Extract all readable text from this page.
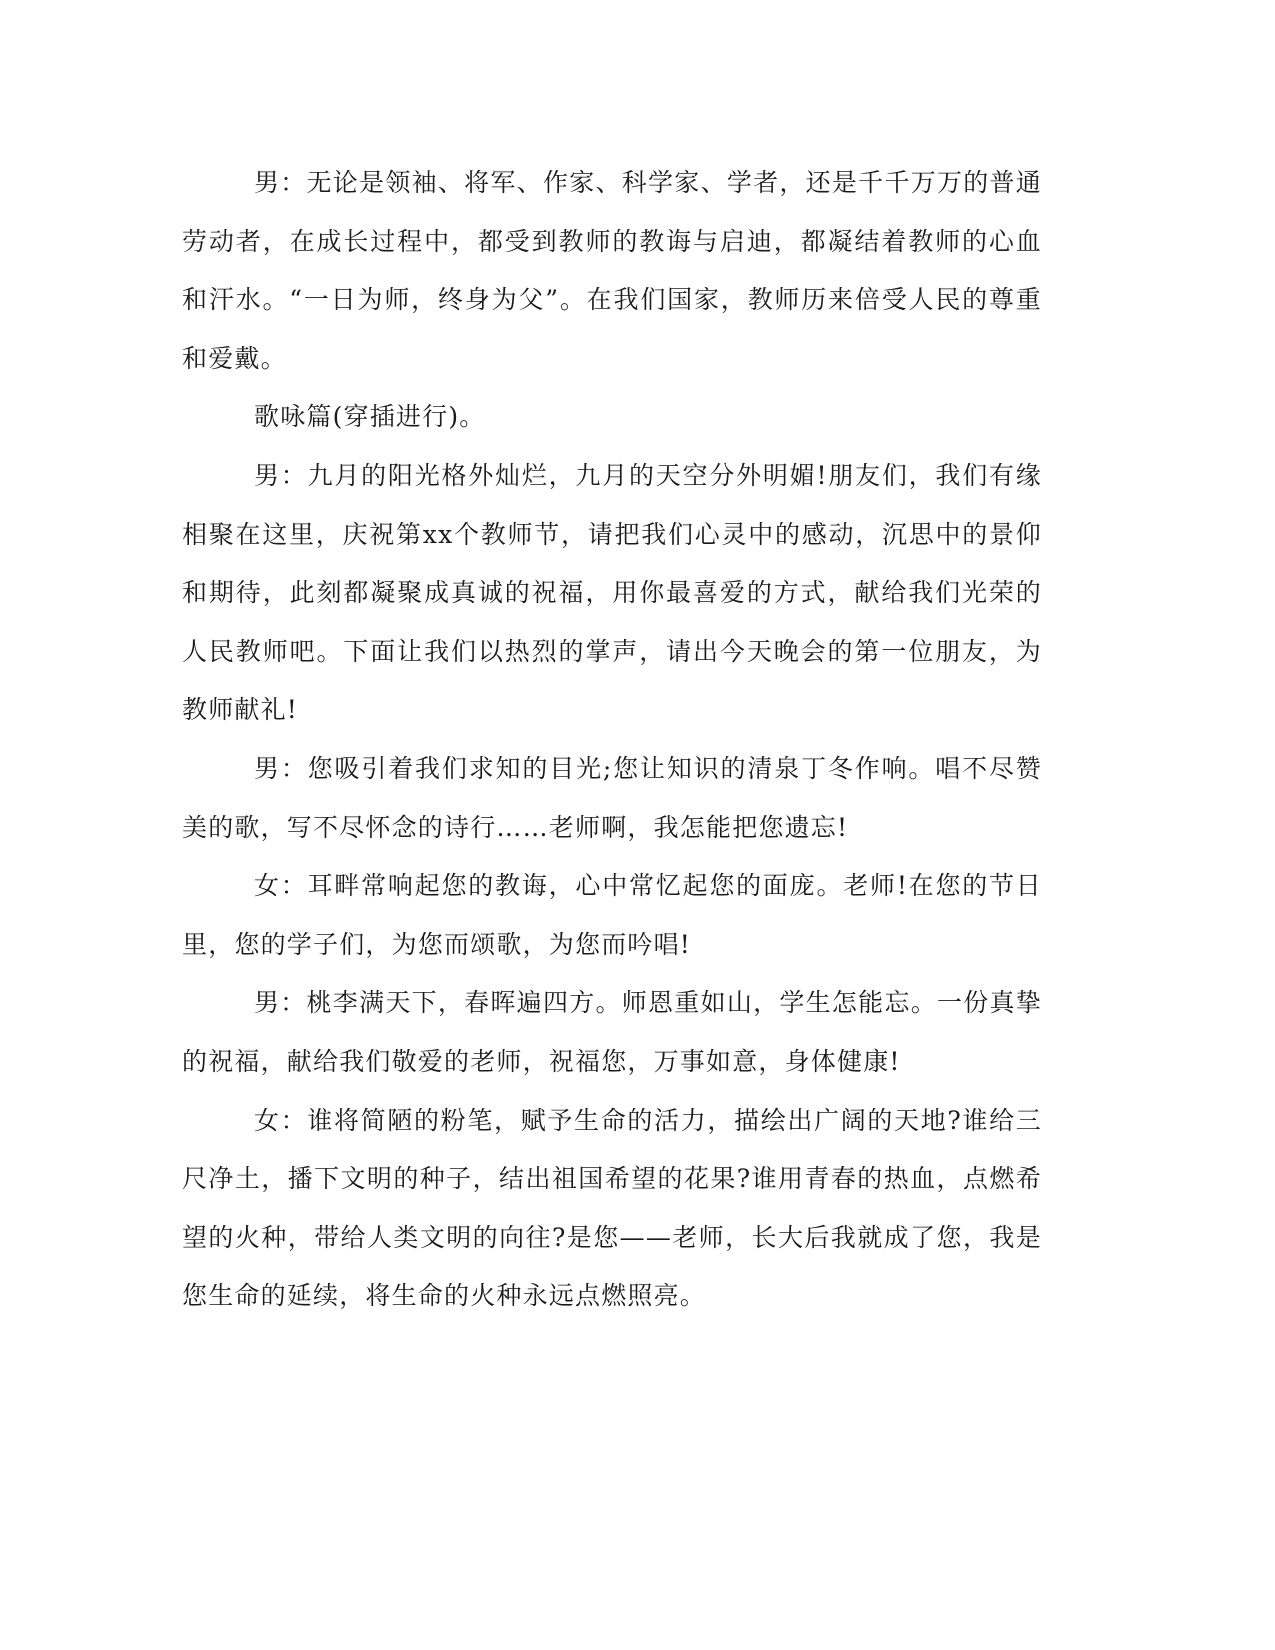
男：无论是领袖、将军、作家、科学家、学者，还是千千万万的普通劳动者，在成长过程中，都受到教师的教诲与启迪，都凝结着教师的心血和汗水。“一日为师，终身为父”。在我们国家，教师历来倍受人民的尊重和爱戴。

歌咏篇(穿插进行)。

男：九月的阳光格外灿烂，九月的天空分外明媚!朋友们，我们有缘相聚在这里，庆祝第xx个教师节，请把我们心灵中的感动，沉思中的景仰和期待，此刻都凝聚成真诚的祝福，用你最喜爱的方式，献给我们光荣的人民教师吧。下面让我们以热烈的掌声，请出今天晚会的第一位朋友，为教师献礼!

男：您吸引着我们求知的目光;您让知识的清泉丁冬作响。唱不尽赞美的歌，写不尽怀念的诗行……老师啊，我怎能把您遗忘!

女：耳畔常响起您的教诲，心中常忆起您的面庞。老师!在您的节日里，您的学子们，为您而颂歌，为您而吟唱!

男：桃李满天下，春晖遍四方。师恩重如山，学生怎能忘。一份真挚的祝福，献给我们敬爱的老师，祝福您，万事如意，身体健康!

女：谁将简陋的粉笔，赋予生命的活力，描绘出广阔的天地?谁给三尺净土，播下文明的种子，结出祖国希望的花果?谁用青春的热血，点燃希望的火种，带给人类文明的向往?是您——老师，长大后我就成了您，我是您生命的延续，将生命的火种永远点燃照亮。
